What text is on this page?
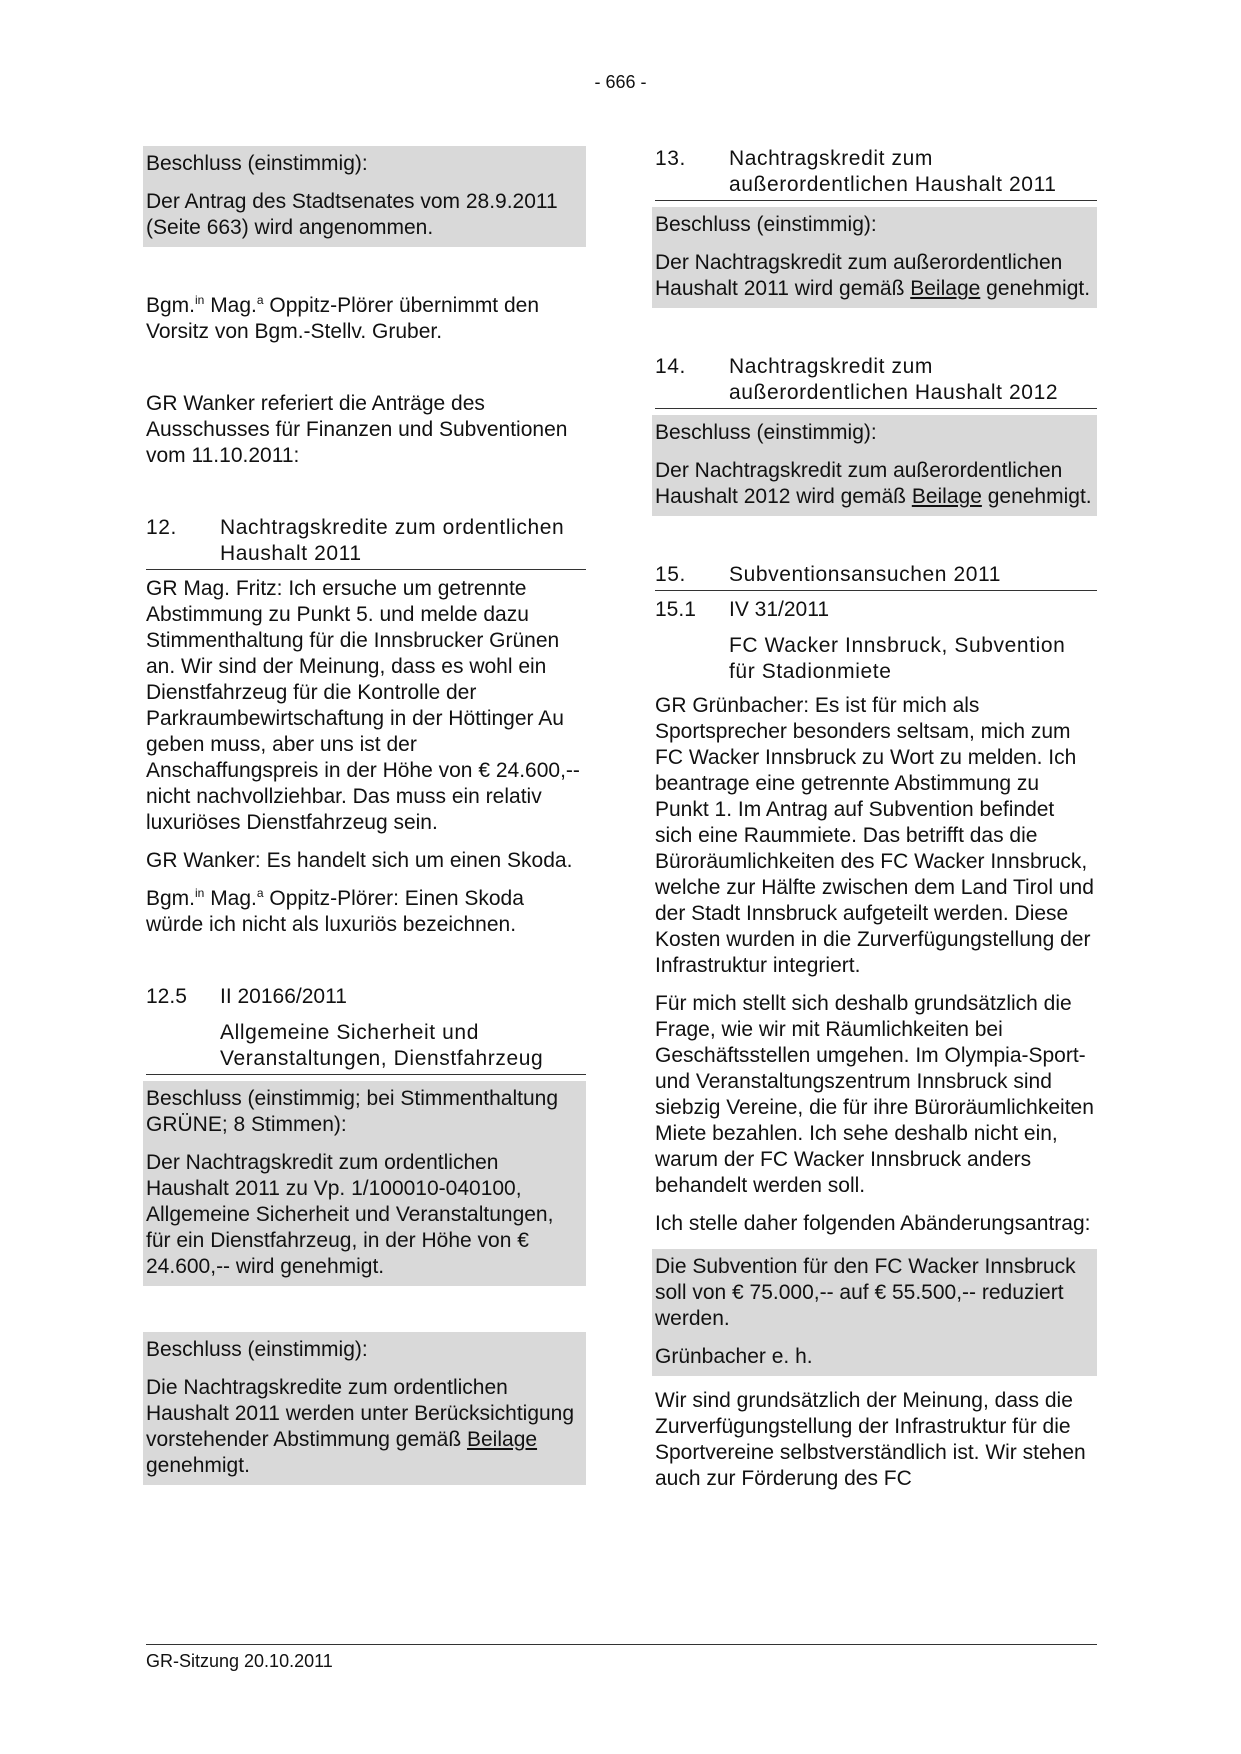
- 666 -

Beschluss (einstimmig):

Der Antrag des Stadtsenates vom 28.9.2011 (Seite 663) wird angenommen.

Bgm.$^{in}$ Mag.$^a$ Oppitz-Plörer übernimmt den Vorsitz von Bgm.-Stellv. Gruber.

GR Wanker referiert die Anträge des Ausschusses für Finanzen und Subventionen vom 11.10.2011:

12.	Nachtragskredite zum ordentlichen Haushalt 2011

GR Mag. Fritz: Ich ersuche um getrennte Abstimmung zu Punkt 5. und melde dazu Stimmenthaltung für die Innsbrucker Grünen an. Wir sind der Meinung, dass es wohl ein Dienstfahrzeug für die Kontrolle der Parkraumbewirtschaftung in der Höttinger Au geben muss, aber uns ist der Anschaffungspreis in der Höhe von € 24.600,-- nicht nachvollziehbar. Das muss ein relativ luxuriöses Dienstfahrzeug sein.

GR Wanker: Es handelt sich um einen Skoda.

Bgm.$^{in}$ Mag.$^a$ Oppitz-Plörer: Einen Skoda würde ich nicht als luxuriös bezeichnen.

12.5	II 20166/2011
Allgemeine Sicherheit und Veranstaltungen, Dienstfahrzeug

Beschluss (einstimmig; bei Stimmenthaltung GRÜNE; 8 Stimmen):

Der Nachtragskredit zum ordentlichen Haushalt 2011 zu Vp. 1/100010-040100, Allgemeine Sicherheit und Veranstaltungen, für ein Dienstfahrzeug, in der Höhe von € 24.600,-- wird genehmigt.

Beschluss (einstimmig):

Die Nachtragskredite zum ordentlichen Haushalt 2011 werden unter Berücksichtigung vorstehender Abstimmung gemäß Beilage genehmigt.

13.	Nachtragskredit zum außerordentlichen Haushalt 2011

Beschluss (einstimmig):

Der Nachtragskredit zum außerordentlichen Haushalt 2011 wird gemäß Beilage genehmigt.

14.	Nachtragskredit zum außerordentlichen Haushalt 2012

Beschluss (einstimmig):

Der Nachtragskredit zum außerordentlichen Haushalt 2012 wird gemäß Beilage genehmigt.

15.	Subventionsansuchen 2011
15.1	IV 31/2011
FC Wacker Innsbruck, Subvention für Stadionmiete

GR Grünbacher: Es ist für mich als Sportsprecher besonders seltsam, mich zum FC Wacker Innsbruck zu Wort zu melden. Ich beantrage eine getrennte Abstimmung zu Punkt 1. Im Antrag auf Subvention befindet sich eine Raummiete. Das betrifft das die Büroräumlichkeiten des FC Wacker Innsbruck, welche zur Hälfte zwischen dem Land Tirol und der Stadt Innsbruck aufgeteilt werden. Diese Kosten wurden in die Zurverfügungstellung der Infrastruktur integriert.

Für mich stellt sich deshalb grundsätzlich die Frage, wie wir mit Räumlichkeiten bei Geschäftsstellen umgehen. Im Olympia-Sport- und Veranstaltungszentrum Innsbruck sind siebzig Vereine, die für ihre Büroräumlichkeiten Miete bezahlen. Ich sehe deshalb nicht ein, warum der FC Wacker Innsbruck anders behandelt werden soll.

Ich stelle daher folgenden Abänderungsantrag:

Die Subvention für den FC Wacker Innsbruck soll von € 75.000,-- auf € 55.500,-- reduziert werden.

Grünbacher e. h.

Wir sind grundsätzlich der Meinung, dass die Zurverfügungstellung der Infrastruktur für die Sportvereine selbstverständlich ist. Wir stehen auch zur Förderung des FC

GR-Sitzung 20.10.2011
